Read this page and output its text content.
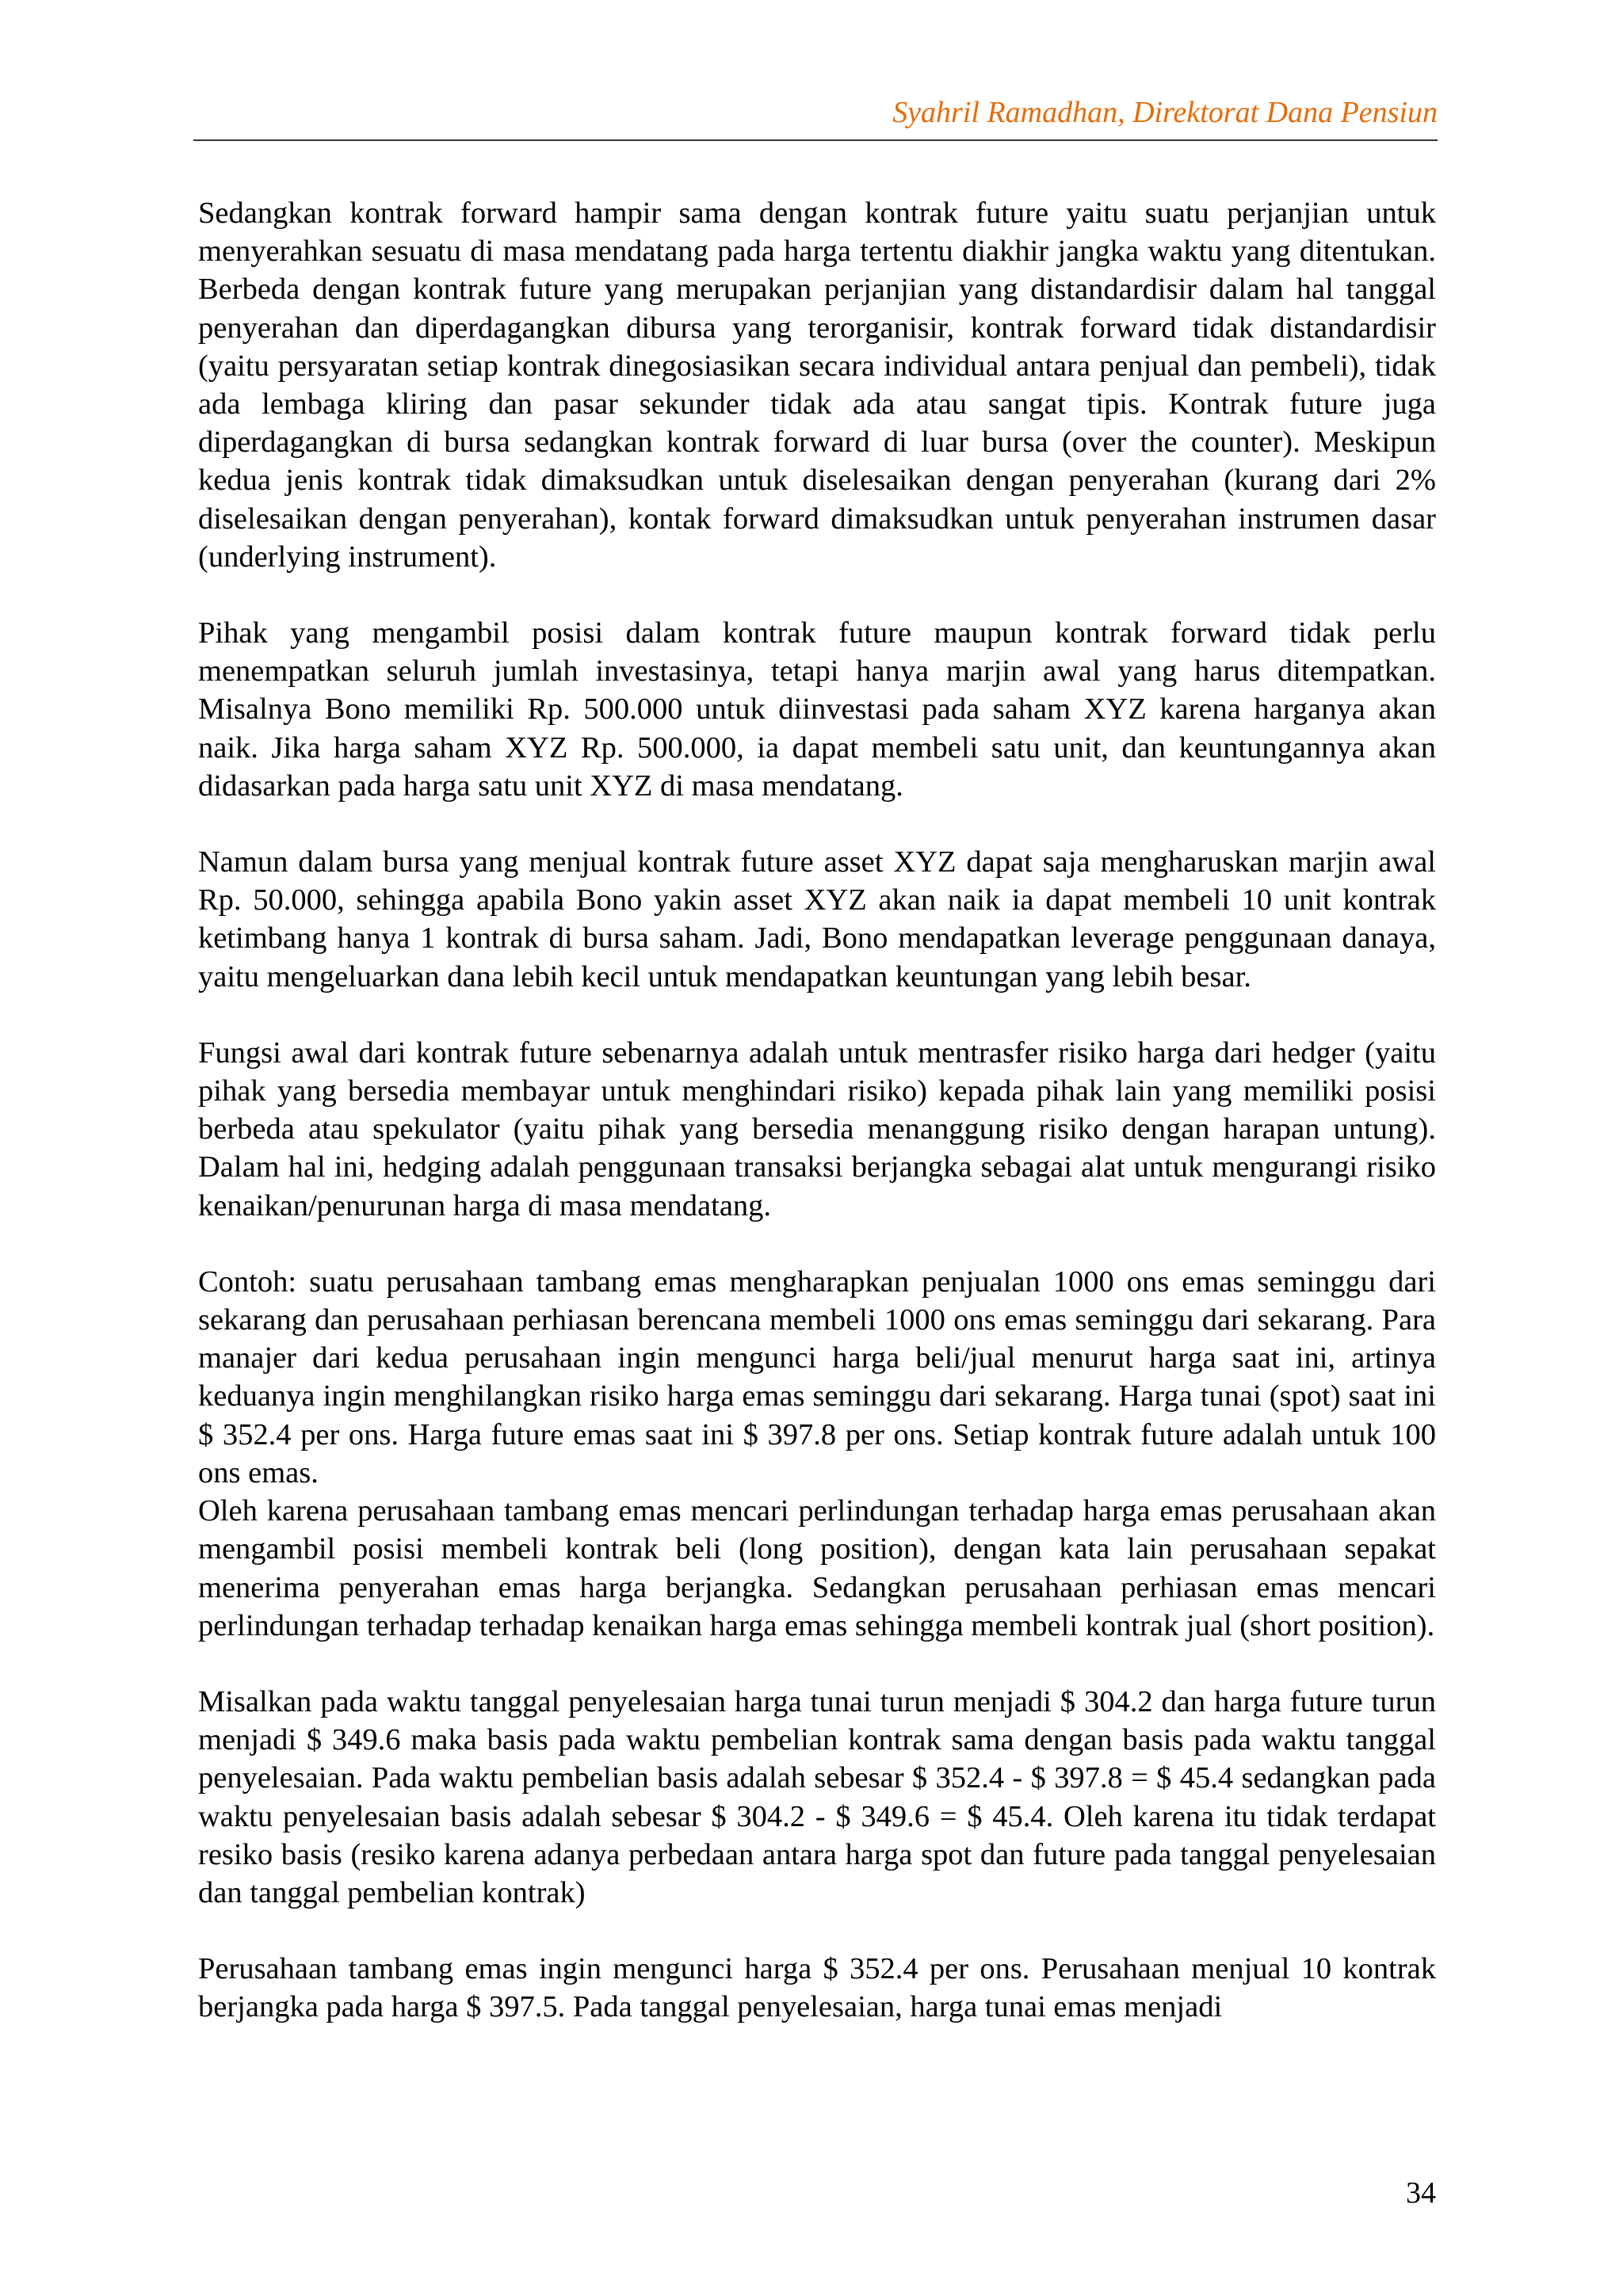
Syahril Ramadhan, Direktorat Dana Pensiun

Sedangkan kontrak forward hampir sama dengan kontrak future yaitu suatu perjanjian untuk menyerahkan sesuatu di masa mendatang pada harga tertentu diakhir jangka waktu yang ditentukan. Berbeda dengan kontrak future yang merupakan perjanjian yang distandardisir dalam hal tanggal penyerahan dan diperdagangkan dibursa yang terorganisir, kontrak forward tidak distandardisir (yaitu persyaratan setiap kontrak dinegosiasikan secara individual antara penjual dan pembeli), tidak ada lembaga kliring dan pasar sekunder tidak ada atau sangat tipis. Kontrak future juga diperdagangkan di bursa sedangkan kontrak forward di luar bursa (over the counter). Meskipun kedua jenis kontrak tidak dimaksudkan untuk diselesaikan dengan penyerahan (kurang dari 2% diselesaikan dengan penyerahan), kontak forward dimaksudkan untuk penyerahan instrumen dasar (underlying instrument).

Pihak yang mengambil posisi dalam kontrak future maupun kontrak forward tidak perlu menempatkan seluruh jumlah investasinya, tetapi hanya marjin awal yang harus ditempatkan. Misalnya Bono memiliki Rp. 500.000 untuk diinvestasi pada saham XYZ karena harganya akan naik. Jika harga saham XYZ Rp. 500.000, ia dapat membeli satu unit, dan keuntungannya akan didasarkan pada harga satu unit XYZ di masa mendatang.

Namun dalam bursa yang menjual kontrak future asset XYZ dapat saja mengharuskan marjin awal Rp. 50.000, sehingga apabila Bono yakin asset XYZ akan naik ia dapat membeli 10 unit kontrak ketimbang hanya 1 kontrak di bursa saham. Jadi, Bono mendapatkan leverage penggunaan danaya, yaitu mengeluarkan dana lebih kecil untuk mendapatkan keuntungan yang lebih besar.

Fungsi awal dari kontrak future sebenarnya adalah untuk mentrasfer risiko harga dari hedger (yaitu pihak yang bersedia membayar untuk menghindari risiko) kepada pihak lain yang memiliki posisi berbeda atau spekulator (yaitu pihak yang bersedia menanggung risiko dengan harapan untung). Dalam hal ini, hedging adalah penggunaan transaksi berjangka sebagai alat untuk mengurangi risiko kenaikan/penurunan harga di masa mendatang.

Contoh: suatu perusahaan tambang emas mengharapkan penjualan 1000 ons emas seminggu dari sekarang dan perusahaan perhiasan berencana membeli 1000 ons emas seminggu dari sekarang. Para manajer dari kedua perusahaan ingin mengunci harga beli/jual menurut harga saat ini, artinya keduanya ingin menghilangkan risiko harga emas seminggu dari sekarang. Harga tunai (spot) saat ini $ 352.4 per ons. Harga future emas saat ini $ 397.8 per ons. Setiap kontrak future adalah untuk 100 ons emas.

Oleh karena perusahaan tambang emas mencari perlindungan terhadap harga emas perusahaan akan mengambil posisi membeli kontrak beli (long position), dengan kata lain perusahaan sepakat menerima penyerahan emas harga berjangka. Sedangkan perusahaan perhiasan emas mencari perlindungan terhadap terhadap kenaikan harga emas sehingga membeli kontrak jual (short position).

Misalkan pada waktu tanggal penyelesaian harga tunai turun menjadi $ 304.2 dan harga future turun menjadi $ 349.6 maka basis pada waktu pembelian kontrak sama dengan basis pada waktu tanggal penyelesaian. Pada waktu pembelian basis adalah sebesar $ 352.4 - $ 397.8 = $ 45.4 sedangkan pada waktu penyelesaian basis adalah sebesar $ 304.2 - $ 349.6 = $ 45.4. Oleh karena itu tidak terdapat resiko basis (resiko karena adanya perbedaan antara harga spot dan future pada tanggal penyelesaian dan tanggal pembelian kontrak)

Perusahaan tambang emas ingin mengunci harga $ 352.4 per ons. Perusahaan menjual 10 kontrak berjangka pada harga $ 397.5. Pada tanggal penyelesaian, harga tunai emas menjadi

34
